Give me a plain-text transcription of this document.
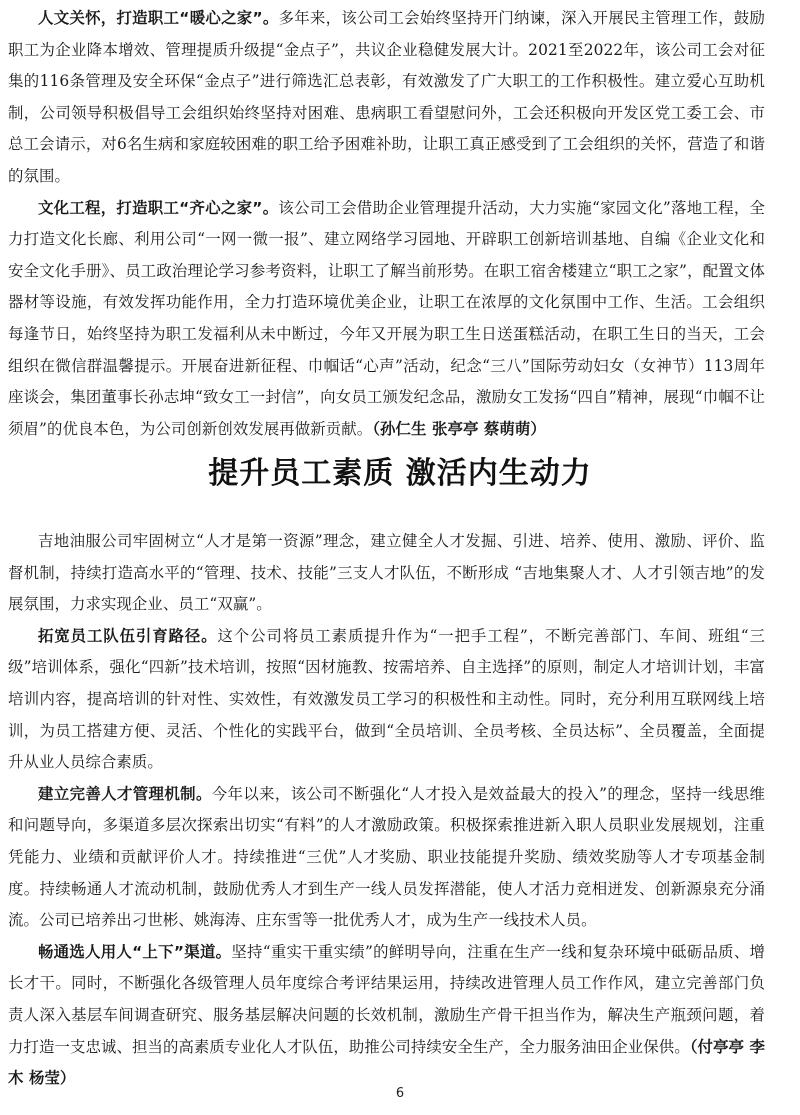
人文关怀，打造职工“暖心之家”。多年来，该公司工会始终坚持开门纳谏，深入开展民主管理工作，鼓励职工为企业降本增效、管理提质升级提“金点子”，共议企业稳健发展大计。2021至2022年，该公司工会对征集的116条管理及安全环保“金点子”进行筛选汇总表彰，有效激发了广大职工的工作积极性。建立爱心互助机制，公司领导积极倡导工会组织始终坚持对困难、患病职工看望慰问外，工会还积极向开发区党工委工会、市总工会请示，对6名生病和家庭较困难的职工给予困难补助，让职工真正感受到了工会组织的关怀，营造了和谐的氛围。

文化工程，打造职工“齐心之家”。该公司工会借助企业管理提升活动，大力实施“家园文化”落地工程，全力打造文化长廊、利用公司“一网一微一报”、建立网络学习园地、开辟职工创新培训基地、自编《企业文化和安全文化手册》、员工政治理论学习参考资料，让职工了解当前形势。在职工宿舍楼建立“职工之家”，配置文体器材等设施，有效发挥功能作用，全力打造环境优美企业，让职工在浓厚的文化氛围中工作、生活。工会组织每逢节日，始终坚持为职工发福利从未中断过，今年又开展为职工生日送蛋糕活动，在职工生日的当天，工会组织在微信群温馨提示。开展奋进新征程、巾帼话“心声”活动，纪念“三八”国际劳动妇女（女神节）113周年座谈会，集团董事长孙志坤“致女工一封信”，向女员工颁发纪念品，激励女工发扬“四自”精神，展现“巾帼不让须眉”的优良本色，为公司创新创效发展再做新贡献。（孙仁生 张亭亭 蔡萌萌）

提升员工素质 激活内生动力

吉地油服公司牢固树立“人才是第一资源”理念，建立健全人才发掘、引进、培养、使用、激励、评价、监督机制，持续打造高水平的“管理、技术、技能”三支人才队伍，不断形成 “吉地集聚人才、人才引领吉地”的发展氛围，力求实现企业、员工“双赢”。

拓宽员工队伍引育路径。这个公司将员工素质提升作为“一把手工程”，不断完善部门、车间、班组“三级”培训体系，强化“四新”技术培训，按照“因材施教、按需培养、自主选择”的原则，制定人才培训计划，丰富培训内容，提高培训的针对性、实效性，有效激发员工学习的积极性和主动性。同时，充分利用互联网线上培训，为员工搭建方便、灵活、个性化的实践平台，做到“全员培训、全员考核、全员达标”、全员覆盖，全面提升从业人员综合素质。

建立完善人才管理机制。今年以来，该公司不断强化“人才投入是效益最大的投入”的理念，坚持一线思维和问题导向，多渠道多层次探索出切实“有料”的人才激励政策。积极探索推进新入职人员职业发展规划，注重凭能力、业绩和贡献评价人才。持续推进“三优”人才奖励、职业技能提升奖励、绩效奖励等人才专项基金制度。持续畅通人才流动机制，鼓励优秀人才到生产一线人员发挥潜能，使人才活力竞相迸发、创新源泉充分涌流。公司已培养出刁世彬、姚海涛、庄东雪等一批优秀人才，成为生产一线技术人员。

畅通选人用人“上下”渠道。坚持“重实干重实绩”的鲜明导向，注重在生产一线和复杂环境中砥砺品质、增长才干。同时，不断强化各级管理人员年度综合考评结果运用，持续改进管理人员工作作风，建立完善部门负责人深入基层车间调查研究、服务基层解决问题的长效机制，激励生产骨干担当作为，解决生产瓶颈问题，着力打造一支忠诚、担当的高素质专业化人才队伍，助推公司持续安全生产，全力服务油田企业保供。（付亭亭 李木 杨莹）

6
